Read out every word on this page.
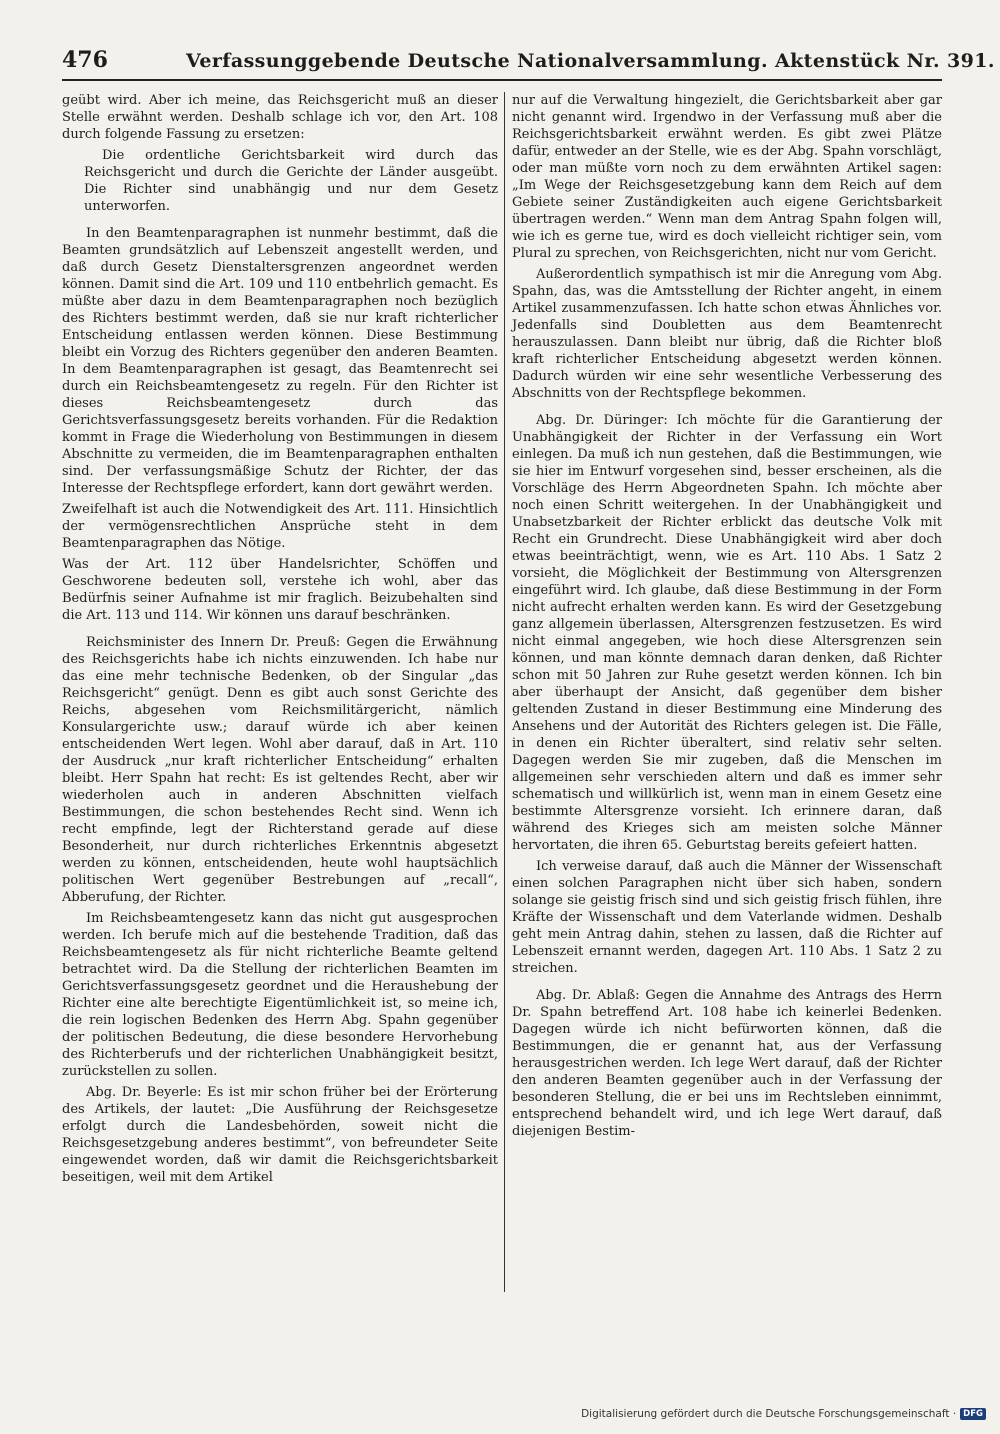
476	Verfassunggebende Deutsche Nationalversammlung. Aktenstück Nr. 391.

geübt wird. Aber ich meine, das Reichsgericht muß an dieser Stelle erwähnt werden. Deshalb schlage ich vor, den Art. 108 durch folgende Fassung zu ersetzen:

Die ordentliche Gerichtsbarkeit wird durch das Reichsgericht und durch die Gerichte der Länder ausgeübt. Die Richter sind unabhängig und nur dem Gesetz unterworfen.

In den Beamtenparagraphen ist nunmehr bestimmt, daß die Beamten grundsätzlich auf Lebenszeit angestellt werden, und daß durch Gesetz Dienstaltersgrenzen angeordnet werden können. Damit sind die Art. 109 und 110 entbehrlich gemacht. Es müßte aber dazu in dem Beamtenparagraphen noch bezüglich des Richters bestimmt werden, daß sie nur kraft richterlicher Entscheidung entlassen werden können. Diese Bestimmung bleibt ein Vorzug des Richters gegenüber den anderen Beamten. In dem Beamtenparagraphen ist gesagt, das Beamtenrecht sei durch ein Reichsbeamtengesetz zu regeln. Für den Richter ist dieses Reichsbeamtengesetz durch das Gerichtsverfassungsgesetz bereits vorhanden. Für die Redaktion kommt in Frage die Wiederholung von Bestimmungen in diesem Abschnitte zu vermeiden, die im Beamtenparagraphen enthalten sind. Der verfassungsmäßige Schutz der Richter, der das Interesse der Rechtspflege erfordert, kann dort gewährt werden.

Zweifelhaft ist auch die Notwendigkeit des Art. 111. Hinsichtlich der vermögensrechtlichen Ansprüche steht in dem Beamtenparagraphen das Nötige.

Was der Art. 112 über Handelsrichter, Schöffen und Geschworene bedeuten soll, verstehe ich wohl, aber das Bedürfnis seiner Aufnahme ist mir fraglich. Beizubehalten sind die Art. 113 und 114. Wir können uns darauf beschränken.

Reichsminister des Innern Dr. Preuß: Gegen die Erwähnung des Reichsgerichts habe ich nichts einzuwenden. Ich habe nur das eine mehr technische Bedenken, ob der Singular „das Reichsgericht“ genügt. Denn es gibt auch sonst Gerichte des Reichs, abgesehen vom Reichsmilitärgericht, nämlich Konsulargerichte usw.; darauf würde ich aber keinen entscheidenden Wert legen. Wohl aber darauf, daß in Art. 110 der Ausdruck „nur kraft richterlicher Entscheidung“ erhalten bleibt. Herr Spahn hat recht: Es ist geltendes Recht, aber wir wiederholen auch in anderen Abschnitten vielfach Bestimmungen, die schon bestehendes Recht sind. Wenn ich recht empfinde, legt der Richterstand gerade auf diese Besonderheit, nur durch richterliches Erkenntnis abgesetzt werden zu können, entscheidenden, heute wohl hauptsächlich politischen Wert gegenüber Bestrebungen auf „recall“, Abberufung, der Richter.

Im Reichsbeamtengesetz kann das nicht gut ausgesprochen werden. Ich berufe mich auf die bestehende Tradition, daß das Reichsbeamtengesetz als für nicht richterliche Beamte geltend betrachtet wird. Da die Stellung der richterlichen Beamten im Gerichtsverfassungsgesetz geordnet und die Heraushebung der Richter eine alte berechtigte Eigentümlichkeit ist, so meine ich, die rein logischen Bedenken des Herrn Abg. Spahn gegenüber der politischen Bedeutung, die diese besondere Hervorhebung des Richterberufs und der richterlichen Unabhängigkeit besitzt, zurückstellen zu sollen.

Abg. Dr. Beyerle: Es ist mir schon früher bei der Erörterung des Artikels, der lautet: „Die Ausführung der Reichsgesetze erfolgt durch die Landesbehörden, soweit nicht die Reichsgesetzgebung anderes bestimmt“, von befreundeter Seite eingewendet worden, daß wir damit die Reichsgerichtsbarkeit beseitigen, weil mit dem Artikel

nur auf die Verwaltung hingezielt, die Gerichtsbarkeit aber gar nicht genannt wird. Irgendwo in der Verfassung muß aber die Reichsgerichtsbarkeit erwähnt werden. Es gibt zwei Plätze dafür, entweder an der Stelle, wie es der Abg. Spahn vorschlägt, oder man müßte vorn noch zu dem erwähnten Artikel sagen: „Im Wege der Reichsgesetzgebung kann dem Reich auf dem Gebiete seiner Zuständigkeiten auch eigene Gerichtsbarkeit übertragen werden.“ Wenn man dem Antrag Spahn folgen will, wie ich es gerne tue, wird es doch vielleicht richtiger sein, vom Plural zu sprechen, von Reichsgerichten, nicht nur vom Gericht.

Außerordentlich sympathisch ist mir die Anregung vom Abg. Spahn, das, was die Amtsstellung der Richter angeht, in einem Artikel zusammenzufassen. Ich hatte schon etwas Ähnliches vor. Jedenfalls sind Doubletten aus dem Beamtenrecht herauszulassen. Dann bleibt nur übrig, daß die Richter bloß kraft richterlicher Entscheidung abgesetzt werden können. Dadurch würden wir eine sehr wesentliche Verbesserung des Abschnitts von der Rechtspflege bekommen.

Abg. Dr. Düringer: Ich möchte für die Garantierung der Unabhängigkeit der Richter in der Verfassung ein Wort einlegen. Da muß ich nun gestehen, daß die Bestimmungen, wie sie hier im Entwurf vorgesehen sind, besser erscheinen, als die Vorschläge des Herrn Abgeordneten Spahn. Ich möchte aber noch einen Schritt weitergehen. In der Unabhängigkeit und Unabsetzbarkeit der Richter erblickt das deutsche Volk mit Recht ein Grundrecht. Diese Unabhängigkeit wird aber doch etwas beeinträchtigt, wenn, wie es Art. 110 Abs. 1 Satz 2 vorsieht, die Möglichkeit der Bestimmung von Altersgrenzen eingeführt wird. Ich glaube, daß diese Bestimmung in der Form nicht aufrecht erhalten werden kann. Es wird der Gesetzgebung ganz allgemein überlassen, Altersgrenzen festzusetzen. Es wird nicht einmal angegeben, wie hoch diese Altersgrenzen sein können, und man könnte demnach daran denken, daß Richter schon mit 50 Jahren zur Ruhe gesetzt werden können. Ich bin aber überhaupt der Ansicht, daß gegenüber dem bisher geltenden Zustand in dieser Bestimmung eine Minderung des Ansehens und der Autorität des Richters gelegen ist. Die Fälle, in denen ein Richter überaltert, sind relativ sehr selten. Dagegen werden Sie mir zugeben, daß die Menschen im allgemeinen sehr verschieden altern und daß es immer sehr schematisch und willkürlich ist, wenn man in einem Gesetz eine bestimmte Altersgrenze vorsieht. Ich erinnere daran, daß während des Krieges sich am meisten solche Männer hervortaten, die ihren 65. Geburtstag bereits gefeiert hatten.

Ich verweise darauf, daß auch die Männer der Wissenschaft einen solchen Paragraphen nicht über sich haben, sondern solange sie geistig frisch sind und sich geistig frisch fühlen, ihre Kräfte der Wissenschaft und dem Vaterlande widmen. Deshalb geht mein Antrag dahin, stehen zu lassen, daß die Richter auf Lebenszeit ernannt werden, dagegen Art. 110 Abs. 1 Satz 2 zu streichen.

Abg. Dr. Ablaß: Gegen die Annahme des Antrags des Herrn Dr. Spahn betreffend Art. 108 habe ich keinerlei Bedenken. Dagegen würde ich nicht befürworten können, daß die Bestimmungen, die er genannt hat, aus der Verfassung herausgestrichen werden. Ich lege Wert darauf, daß der Richter den anderen Beamten gegenüber auch in der Verfassung der besonderen Stellung, die er bei uns im Rechtsleben einnimmt, entsprechend behandelt wird, und ich lege Wert darauf, daß diejenigen Bestim-

Digitalisierung gefördert durch die Deutsche Forschungsgemeinschaft · DFG
